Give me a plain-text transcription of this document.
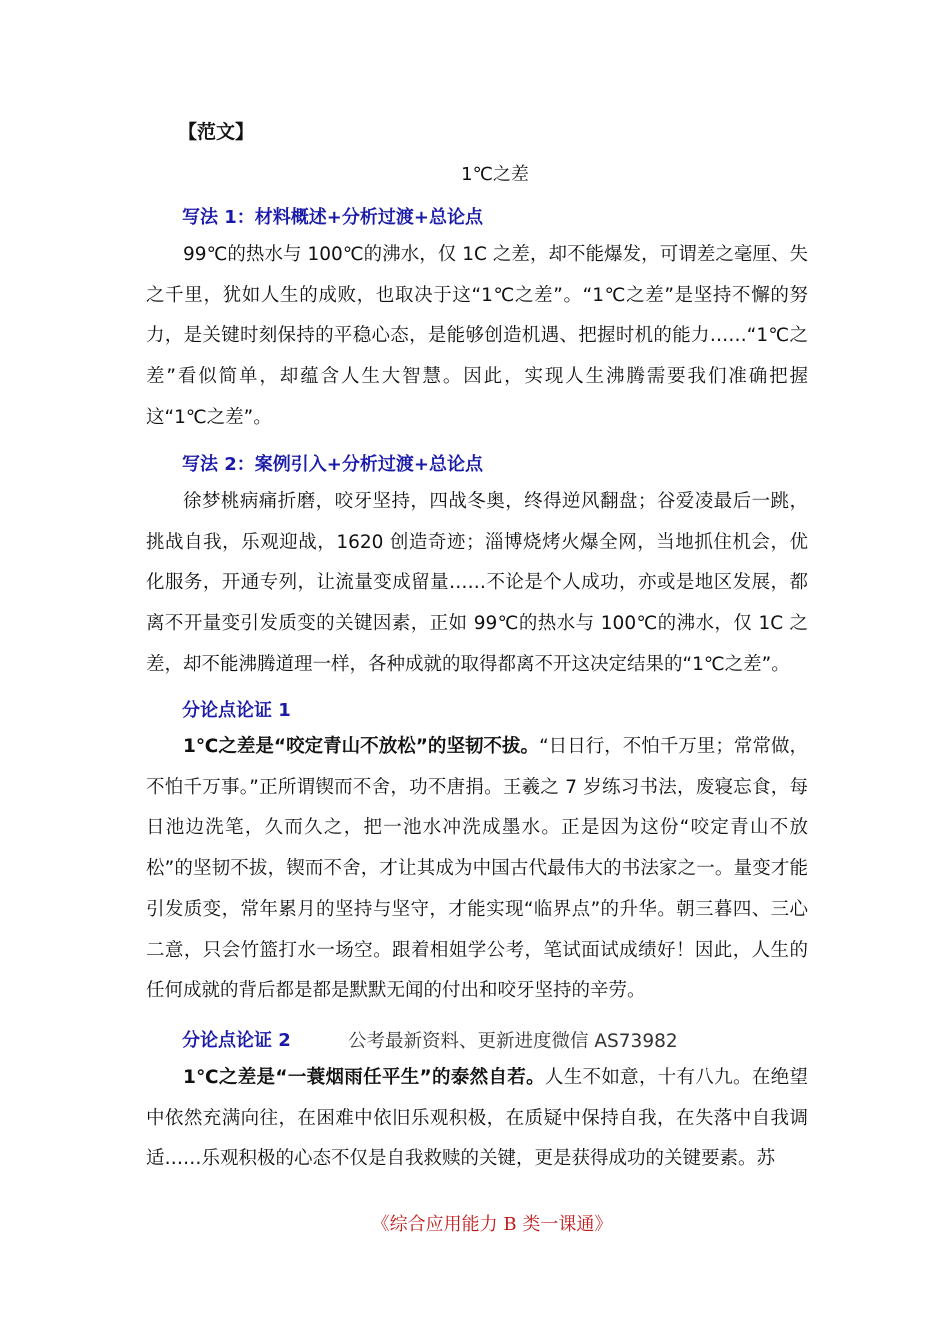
【范文】
1℃之差
写法 1：材料概述+分析过渡+总论点

99℃的热水与 100℃的沸水，仅 1C 之差，却不能爆发，可谓差之毫厘、失之千里，犹如人生的成败，也取决于这“1℃之差”。“1℃之差”是坚持不懈的努力，是关键时刻保持的平稳心态，是能够创造机遇、把握时机的能力……“1℃之差”看似简单，却蕴含人生大智慧。因此，实现人生沸腾需要我们准确把握这“1℃之差”。

写法 2：案例引入+分析过渡+总论点

徐梦桃病痛折磨，咬牙坚持，四战冬奥，终得逆风翻盘；谷爱凌最后一跳，挑战自我，乐观迎战，1620 创造奇迹；淄博烧烤火爆全网，当地抓住机会，优化服务，开通专列，让流量变成留量……不论是个人成功，亦或是地区发展，都离不开量变引发质变的关键因素，正如 99℃的热水与 100℃的沸水，仅 1C 之差，却不能沸腾道理一样，各种成就的取得都离不开这决定结果的“1℃之差”。

分论点论证 1

1℃之差是“咬定青山不放松”的坚韧不拔。“日日行，不怕千万里；常常做，不怕千万事。”正所谓锲而不舍，功不唐捐。王羲之 7 岁练习书法，废寝忘食，每日池边洗笔，久而久之，把一池水冲洗成墨水。正是因为这份“咬定青山不放松”的坚韧不拔，锲而不舍，才让其成为中国古代最伟大的书法家之一。量变才能引发质变，常年累月的坚持与坚守，才能实现“临界点”的升华。朝三暮四、三心二意，只会竹篮打水一场空。跟着相姐学公考，笔试面试成绩好！因此，人生的任何成就的背后都是都是默默无闻的付出和咬牙坚持的辛劳。

分论点论证 2	公考最新资料、更新进度微信 AS73982

1℃之差是“一蓑烟雨任平生”的泰然自若。人生不如意，十有八九。在绝望中依然充满向往，在困难中依旧乐观积极，在质疑中保持自我，在失落中自我调适……乐观积极的心态不仅是自我救赎的关键，更是获得成功的关键要素。苏

《综合应用能力 B 类一课通》
